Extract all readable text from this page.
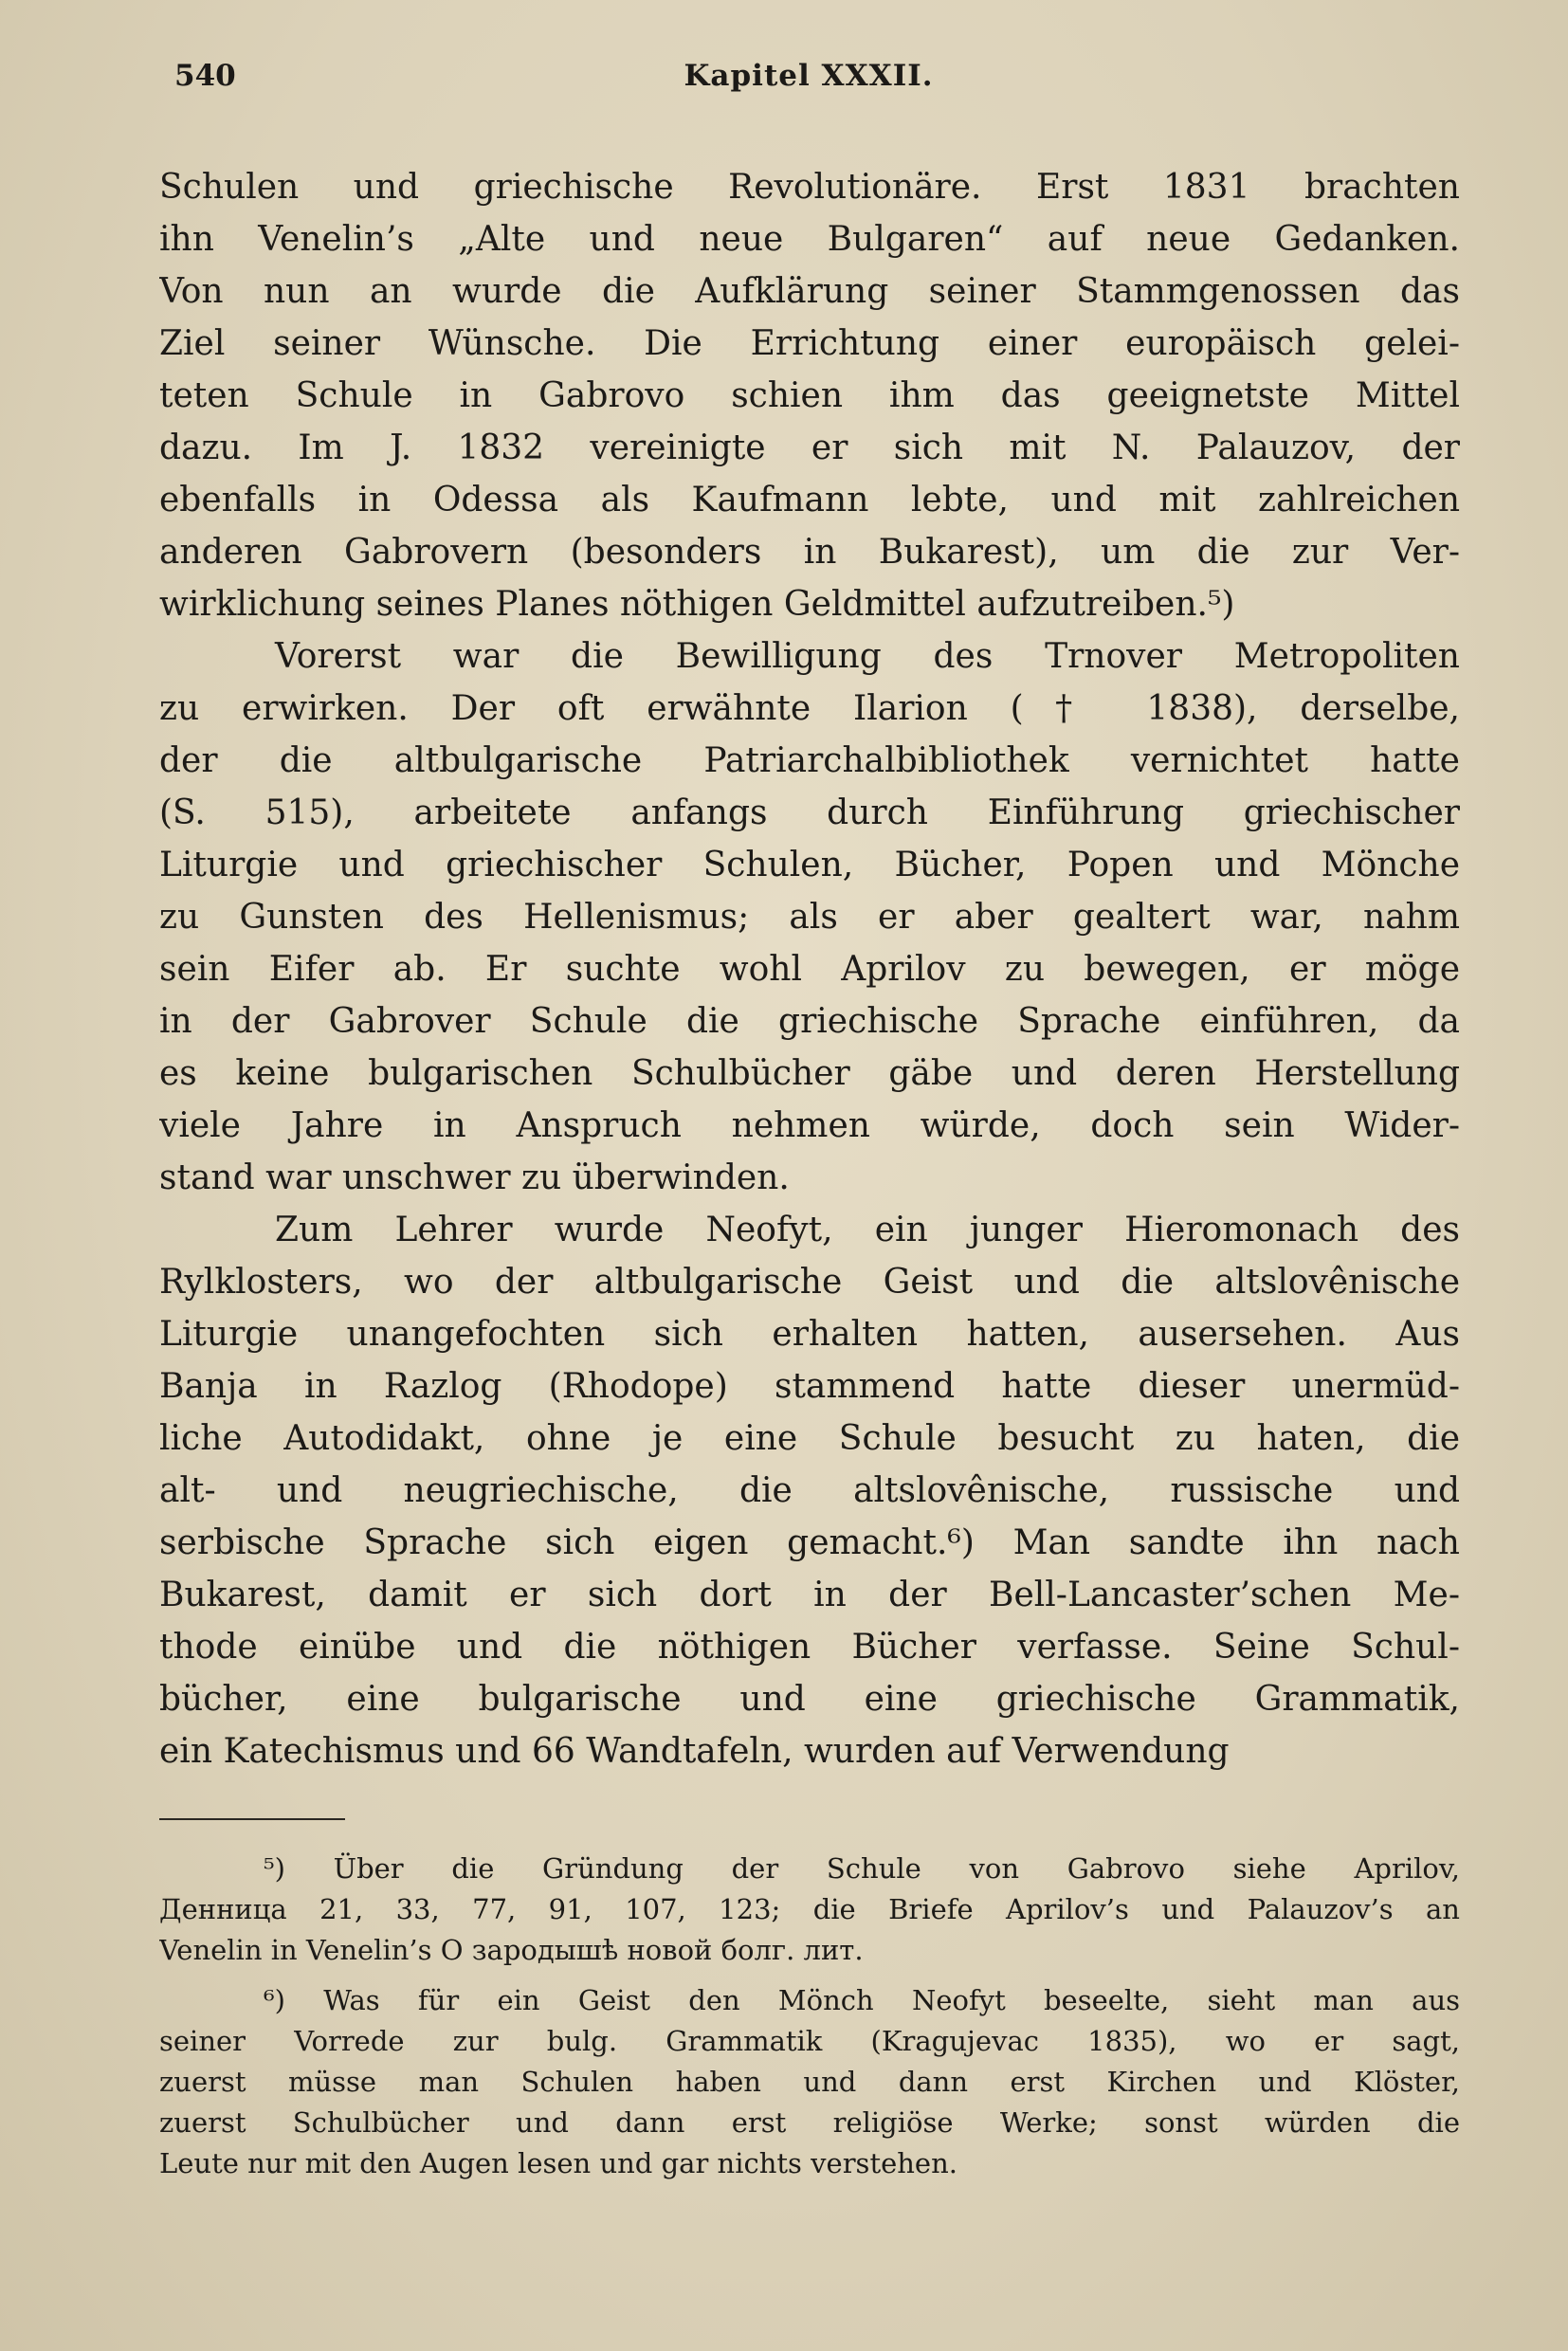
540	Kapitel XXXII.
Schulen und griechische Revolutionäre. Erst 1831 brachten
ihn Venelin’s „Alte und neue Bulgaren“ auf neue Gedanken.
Von nun an wurde die Aufklärung seiner Stammgenossen das
Ziel seiner Wünsche. Die Errichtung einer europäisch gelei-
teten Schule in Gabrovo schien ihm das geeignetste Mittel
dazu. Im J. 1832 vereinigte er sich mit N. Palauzov, der
ebenfalls in Odessa als Kaufmann lebte, und mit zahlreichen
anderen Gabrovern (besonders in Bukarest), um die zur Ver-
wirklichung seines Planes nöthigen Geldmittel aufzutreiben.⁵)
Vorerst war die Bewilligung des Trnover Metropoliten
zu erwirken. Der oft erwähnte Ilarion († 1838), derselbe,
der die altbulgarische Patriarchalbibliothek vernichtet hatte
(S. 515), arbeitete anfangs durch Einführung griechischer
Liturgie und griechischer Schulen, Bücher, Popen und Mönche
zu Gunsten des Hellenismus; als er aber gealtert war, nahm
sein Eifer ab. Er suchte wohl Aprilov zu bewegen, er möge
in der Gabrover Schule die griechische Sprache einführen, da
es keine bulgarischen Schulbücher gäbe und deren Herstellung
viele Jahre in Anspruch nehmen würde, doch sein Wider-
stand war unschwer zu überwinden.
Zum Lehrer wurde Neofyt, ein junger Hieromonach des
Rylklosters, wo der altbulgarische Geist und die altslovênische
Liturgie unangefochten sich erhalten hatten, ausersehen. Aus
Banja in Razlog (Rhodope) stammend hatte dieser unermüd-
liche Autodidakt, ohne je eine Schule besucht zu haten, die
alt- und neugriechische, die altslovênische, russische und
serbische Sprache sich eigen gemacht.⁶) Man sandte ihn nach
Bukarest, damit er sich dort in der Bell-Lancaster’schen Me-
thode einübe und die nöthigen Bücher verfasse. Seine Schul-
bücher, eine bulgarische und eine griechische Grammatik,
ein Katechismus und 66 Wandtafeln, wurden auf Verwendung
⁵) Über die Gründung der Schule von Gabrovo siehe Aprilov,
Денница 21, 33, 77, 91, 107, 123; die Briefe Aprilov’s und Palauzov’s an
Venelin in Venelin’s О зародышѣ новой болг. лит.
⁶) Was für ein Geist den Mönch Neofyt beseelte, sieht man aus
seiner Vorrede zur bulg. Grammatik (Kragujevac 1835), wo er sagt,
zuerst müsse man Schulen haben und dann erst Kirchen und Klöster,
zuerst Schulbücher und dann erst religiöse Werke; sonst würden die
Leute nur mit den Augen lesen und gar nichts verstehen.
